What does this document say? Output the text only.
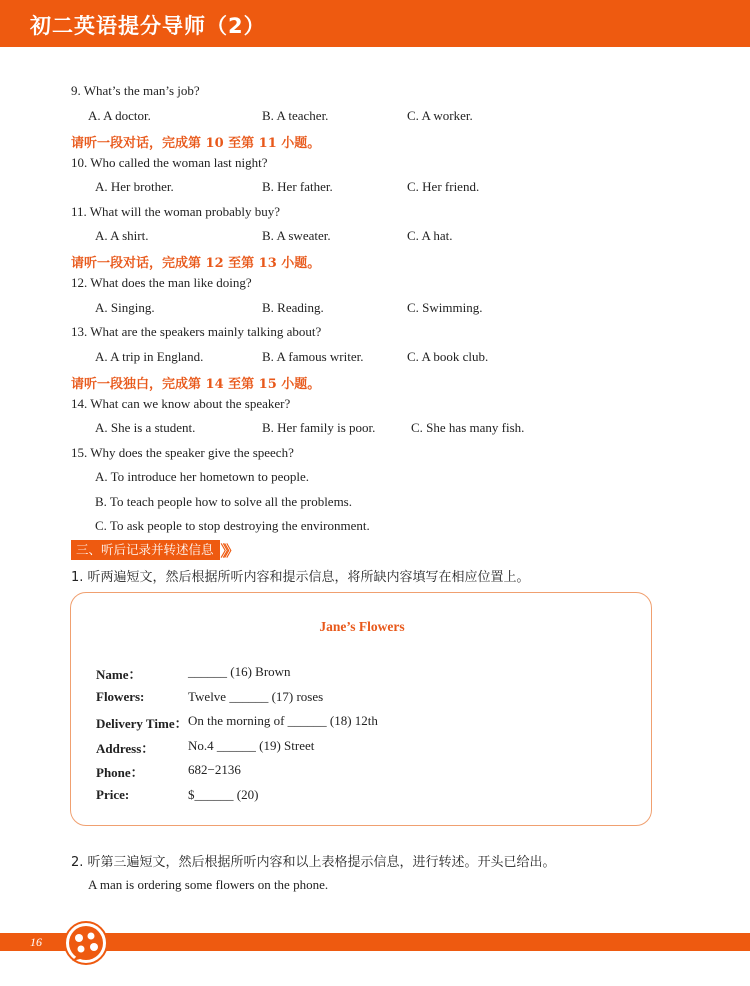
初二英语提分导师（2）
9. What’s the man’s job?
A. A doctor.	B. A teacher.	C. A worker.
请听一段对话，完成第 10 至第 11 小题。
10. Who called the woman last night?
A. Her brother.	B. Her father.	C. Her friend.
11. What will the woman probably buy?
A. A shirt.	B. A sweater.	C. A hat.
请听一段对话，完成第 12 至第 13 小题。
12. What does the man like doing?
A. Singing.	B. Reading.	C. Swimming.
13. What are the speakers mainly talking about?
A. A trip in England.	B. A famous writer.	C. A book club.
请听一段独白，完成第 14 至第 15 小题。
14. What can we know about the speaker?
A. She is a student.	B. Her family is poor.	C. She has many fish.
15. Why does the speaker give the speech?
A. To introduce her hometown to people.
B. To teach people how to solve all the problems.
C. To ask people to stop destroying the environment.
三、听后记录并转述信息 》》
1. 听两遍短文，然后根据所听内容和提示信息，将所缺内容填写在相应位置上。
Jane’s Flowers
Name：	______ (16) Brown
Flowers:	Twelve ______ (17) roses
Delivery Time： On the morning of ______ (18) 12th
Address：	No.4 ______ (19) Street
Phone：	682−2136
Price:	$______ (20)
2. 听第三遍短文，然后根据所听内容和以上表格提示信息，进行转述。开头已给出。
A man is ordering some flowers on the phone.
16
